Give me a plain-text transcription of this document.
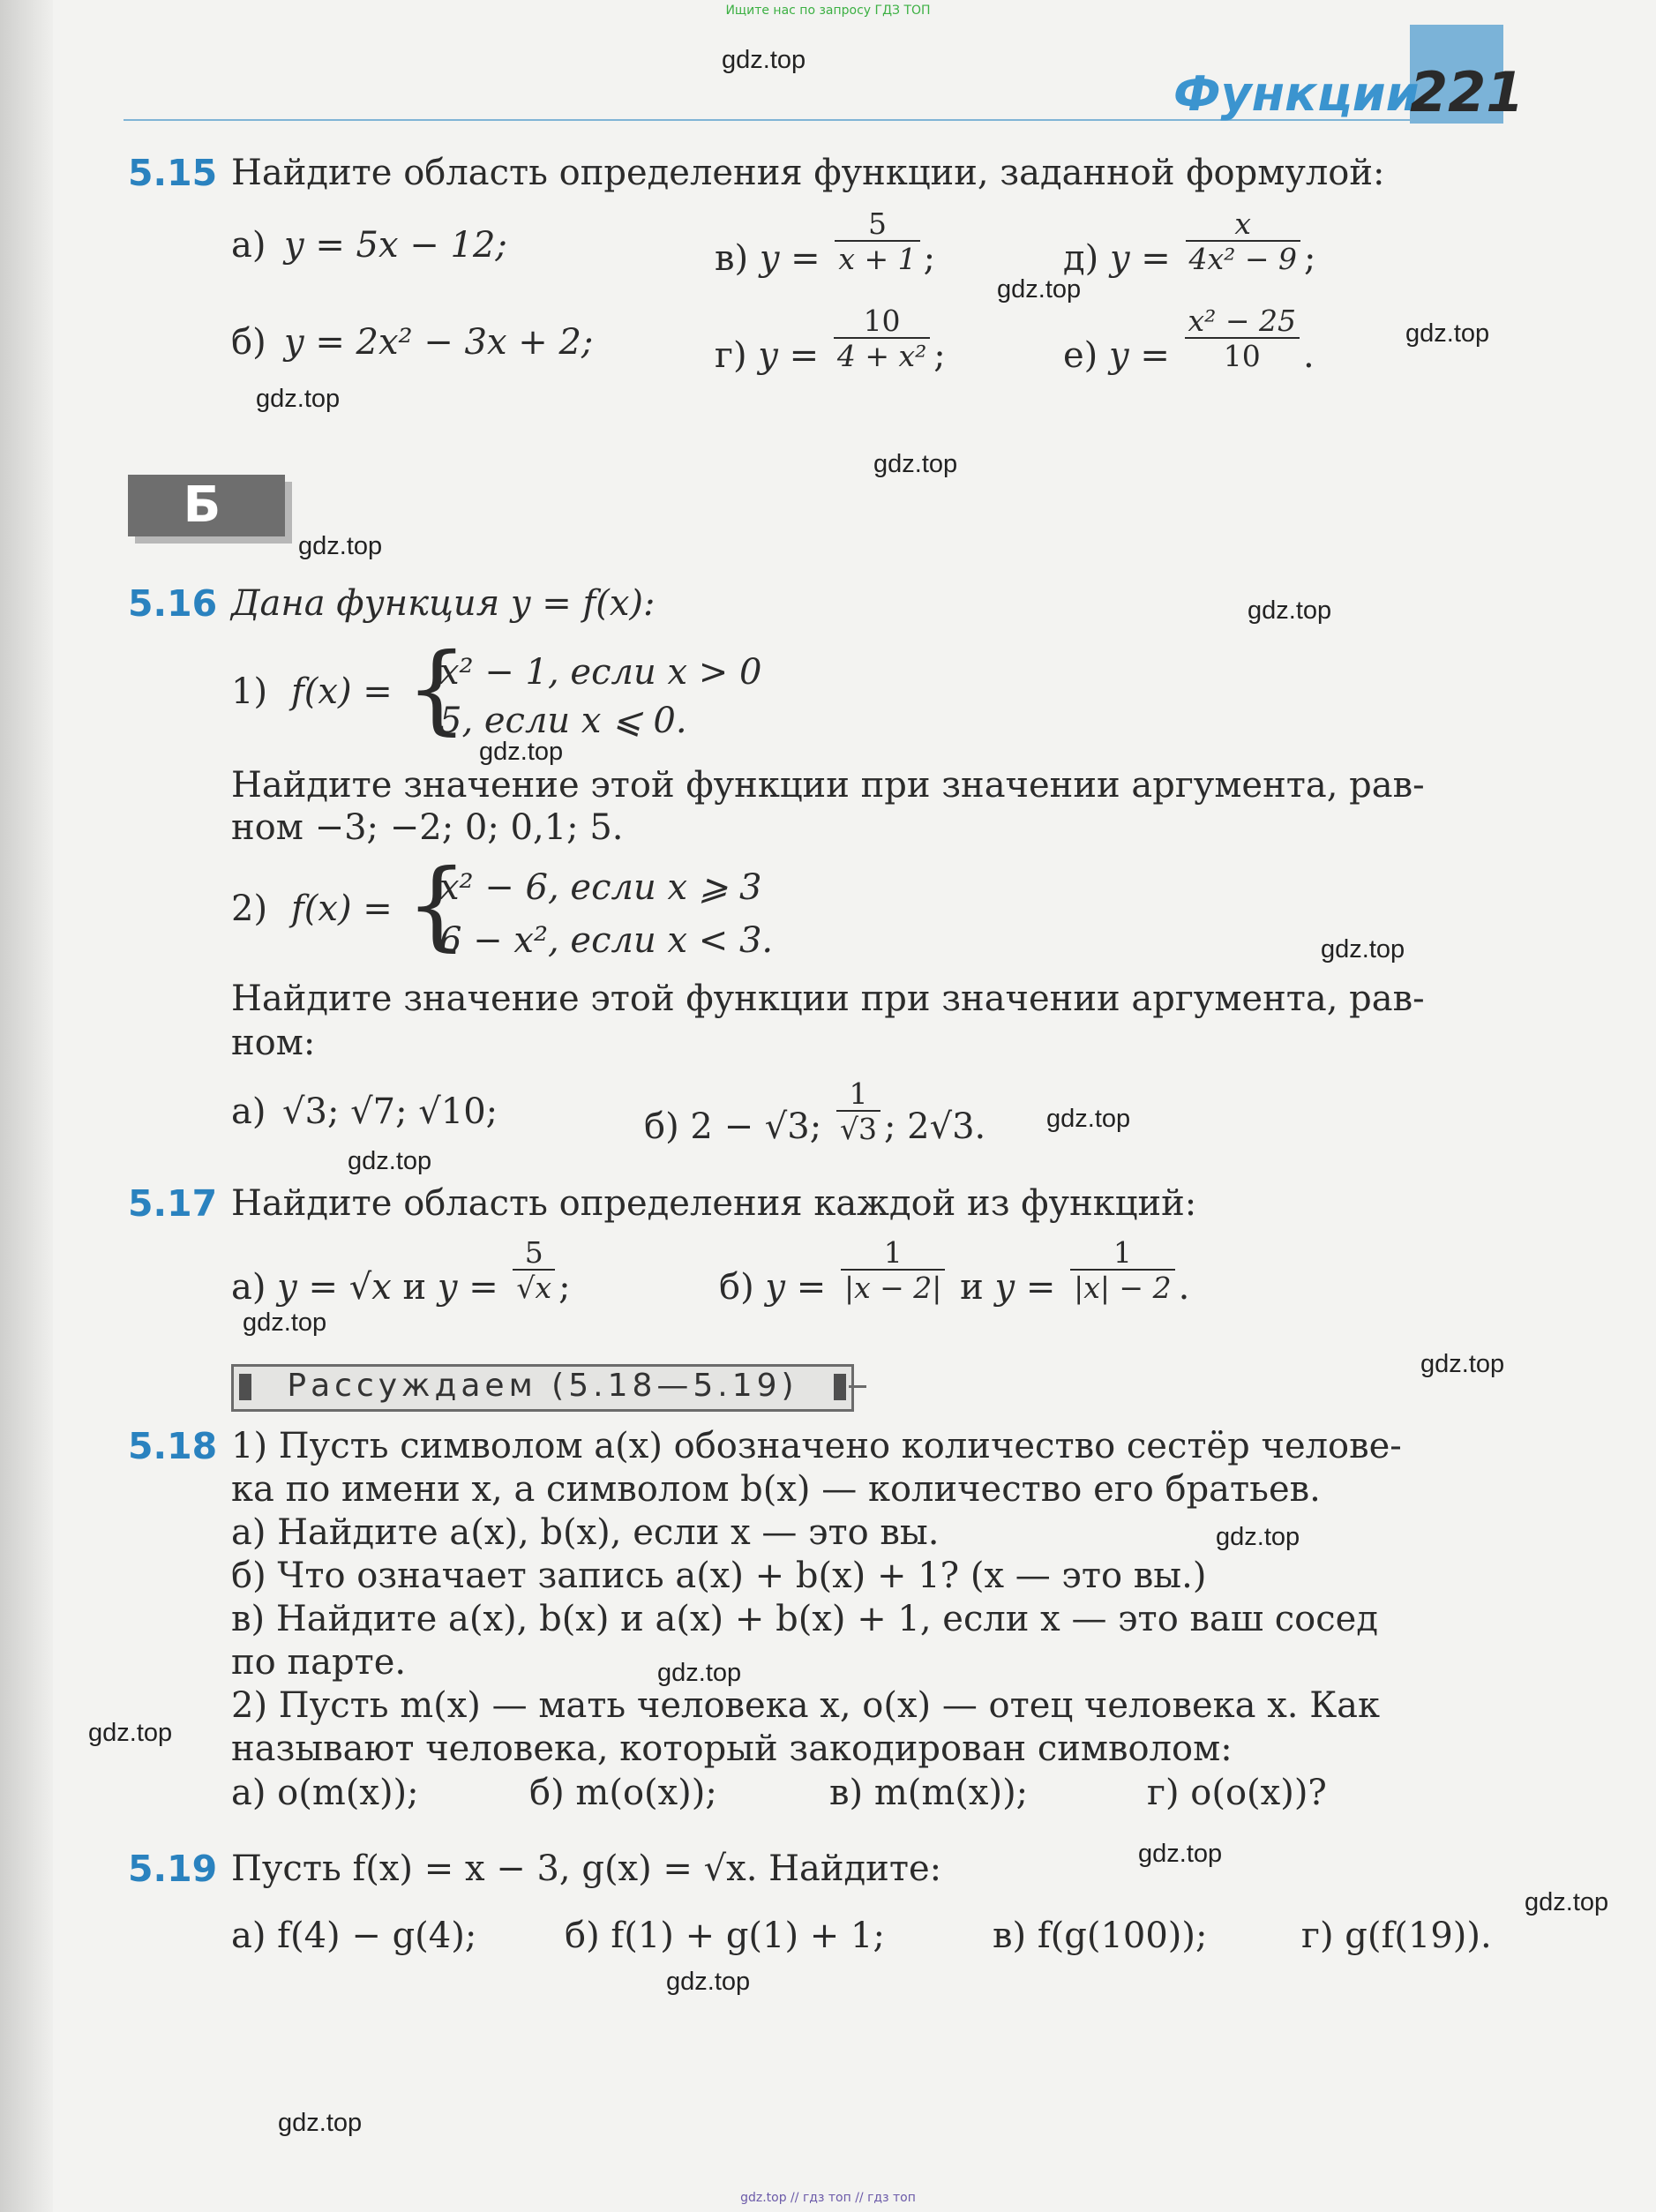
Ищите нас по запросу ГДЗ ТОП
Функции
221
5.15 Найдите область определения функции, заданной формулой:
а) y = 5x − 12;	в) $y = \frac{5}{x + 1}$ ;	д) $y = \frac{x}{\text{4x² − 9}}$ ;
б) y = 2x² − 3x + 2;	г) $y = \frac{10}{\text{4 + x²}}$ ;	е) $y = \frac{\text{x² − 25}}{10}$ .
Б
5.16 Дана функция y = f(x):
1) f(x) = {
x² − 1, если x > 0
5, если x ⩽ 0.
Найдите значение этой функции при значении аргумента, рав-
ном −3; −2; 0; 0,1; 5.
2) f(x) = {
x² − 6, если x ⩾ 3
6 − x², если x < 3.
Найдите значение этой функции при значении аргумента, рав-
ном:
а) √3; √7; √10;	б) 2 − √3; $\frac{1}{√3}$ ; 2√3.
5.17 Найдите область определения каждой из функций:
а) y = √x и $y = \frac{5}{√x}$ ;	б) $y = \frac{1}{|x - 2|}$ и $y = \frac{1}{|x| - 2}$ .
Рассуждаем (5.18—5.19)
5.18 1) Пусть символом a(x) обозначено количество сестёр челове-
ка по имени x, а символом b(x) — количество его братьев.
а) Найдите a(x), b(x), если x — это вы.
б) Что означает запись a(x) + b(x) + 1? (x — это вы.)
в) Найдите a(x), b(x) и a(x) + b(x) + 1, если x — это ваш сосед
по парте.
2) Пусть m(x) — мать человека x, o(x) — отец человека x. Как
называют человека, который закодирован символом:
а) o(m(x));	б) m(o(x));	в) m(m(x));	г) o(o(x))?
5.19 Пусть f(x) = x − 3, g(x) = √x. Найдите:
а) f(4) − g(4); б) f(1) + g(1) + 1;	в) f(g(100));	г) g(f(19)).
gdz.top
gdz.top
gdz.top
gdz.top
gdz.top
gdz.top
gdz.top
gdz.top
gdz.top
gdz.top
gdz.top
gdz.top
gdz.top
gdz.top
gdz.top
gdz.top
gdz.top
gdz.top
gdz.top
gdz.top
gdz.top // гдз топ // гдз топ
